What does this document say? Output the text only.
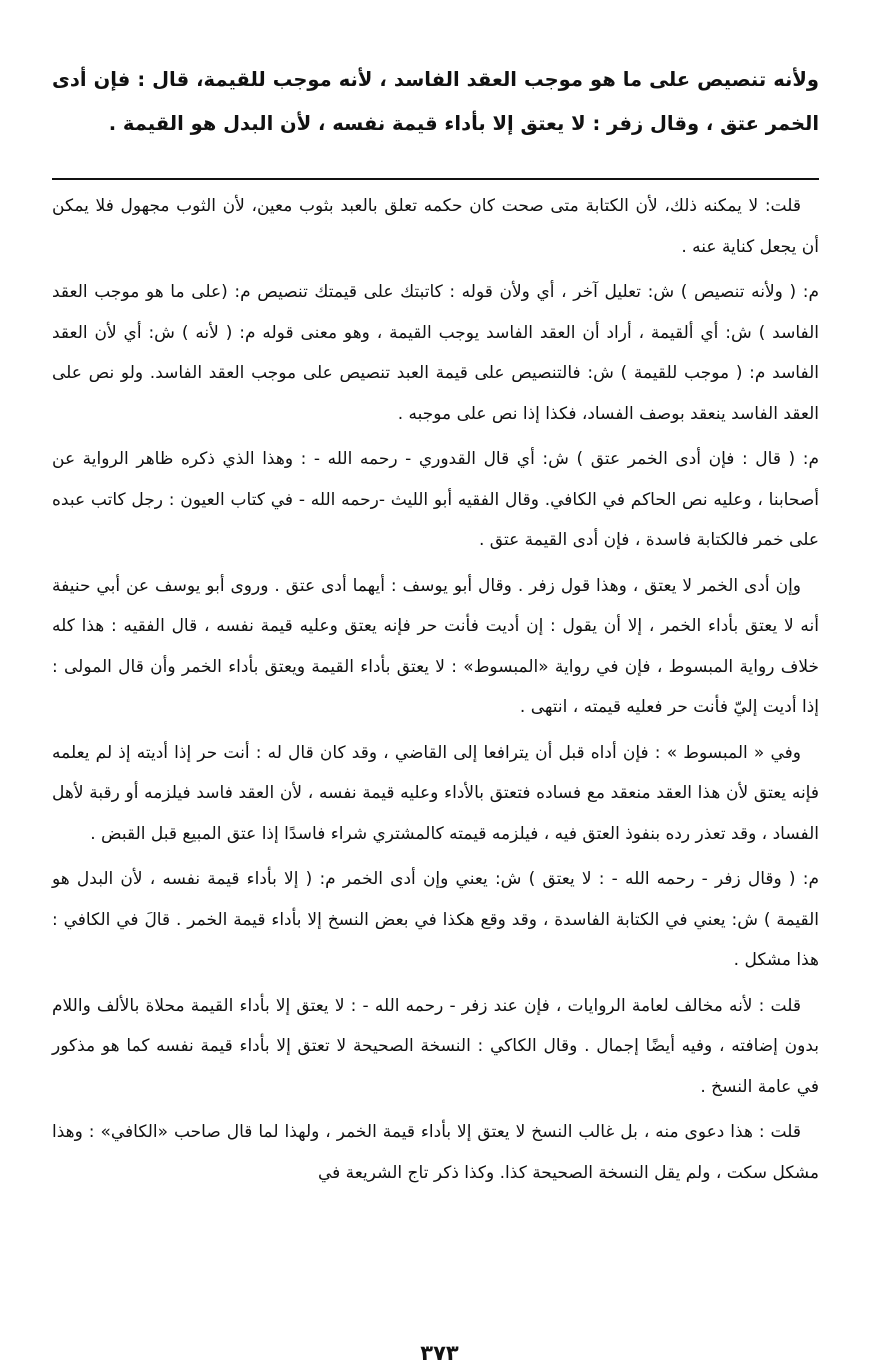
ولأنه تنصيص على ما هو موجب العقد الفاسد ، لأنه موجب للقيمة، قال : فإن أدى الخمر عتق ، وقال زفر : لا يعتق إلا بأداء قيمة نفسه ، لأن البدل هو القيمة .

قلت: لا يمكنه ذلك، لأن الكتابة متى صحت كان حكمه تعلق بالعبد بثوب معين، لأن الثوب مجهول فلا يمكن أن يجعل كناية عنه .

م: ( ولأنه تنصيص ) ش: تعليل آخر ، أي ولأن قوله : كاتبتك على قيمتك تنصيص م: (على ما هو موجب العقد الفاسد ) ش: أي ألقيمة ، أراد أن العقد الفاسد يوجب القيمة ، وهو معنى قوله م: ( لأنه ) ش: أي لأن العقد الفاسد م: ( موجب للقيمة ) ش: فالتنصيص على قيمة العبد تنصيص على موجب العقد الفاسد. ولو نص على العقد الفاسد ينعقد بوصف الفساد، فكذا إذا نص على موجبه .

م: ( قال : فإن أدى الخمر عتق ) ش: أي قال القدوري - رحمه الله - : وهذا الذي ذكره ظاهر الرواية عن أصحابنا ، وعليه نص الحاكم في الكافي. وقال الفقيه أبو الليث -رحمه الله - في كتاب العيون : رجل كاتب عبده على خمر فالكتابة فاسدة ، فإن أدى القيمة عتق .

وإن أدى الخمر لا يعتق ، وهذا قول زفر . وقال أبو يوسف : أيهما أدى عتق . وروى أبو يوسف عن أبي حنيفة أنه لا يعتق بأداء الخمر ، إلا أن يقول : إن أديت فأنت حر فإنه يعتق وعليه قيمة نفسه ، قال الفقيه : هذا كله خلاف رواية المبسوط ، فإن في رواية «المبسوط» : لا يعتق بأداء القيمة ويعتق بأداء الخمر وأن قال المولى : إذا أديت إليّ فأنت حر فعليه قيمته ، انتهى .

وفي « المبسوط » : فإن أداه قبل أن يترافعا إلى القاضي ، وقد كان قال له : أنت حر إذا أديته إذ لم يعلمه فإنه يعتق لأن هذا العقد منعقد مع فساده فتعتق بالأداء وعليه قيمة نفسه ، لأن العقد فاسد فيلزمه أو رقبة لأهل الفساد ، وقد تعذر رده بنفوذ العتق فيه ، فيلزمه قيمته كالمشتري شراء فاسدًا إذا عتق المبيع قبل القبض .

م: ( وقال زفر - رحمه الله - : لا يعتق ) ش: يعني وإن أدى الخمر م: ( إلا بأداء قيمة نفسه ، لأن البدل هو القيمة ) ش: يعني في الكتابة الفاسدة ، وقد وقع هكذا في بعض النسخ إلا بأداء قيمة الخمر . قالَ في الكافي : هذا مشكل .

قلت : لأنه مخالف لعامة الروايات ، فإن عند زفر - رحمه الله - : لا يعتق إلا بأداء القيمة محلاة بالألف واللام بدون إضافته ، وفيه أيضًا إجمال . وقال الكاكي : النسخة الصحيحة لا تعتق إلا بأداء قيمة نفسه كما هو مذكور في عامة النسخ .

قلت : هذا دعوى منه ، بل غالب النسخ لا يعتق إلا بأداء قيمة الخمر ، ولهذا لما قال صاحب «الكافي» : وهذا مشكل سكت ، ولم يقل النسخة الصحيحة كذا. وكذا ذكر تاج الشريعة في

٣٧٣
